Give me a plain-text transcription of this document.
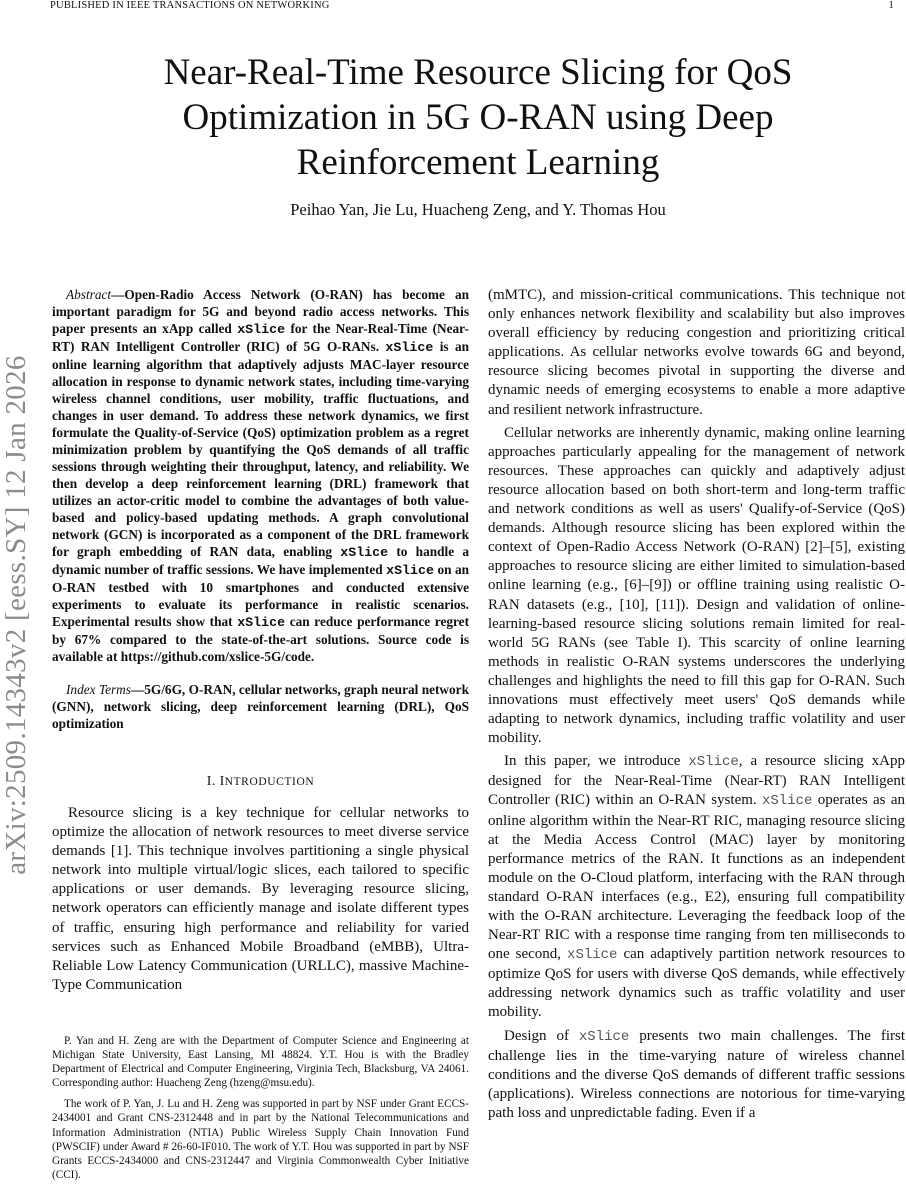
PUBLISHED IN IEEE TRANSACTIONS ON NETWORKING	1
arXiv:2509.14343v2 [eess.SY] 12 Jan 2026
Near-Real-Time Resource Slicing for QoS Optimization in 5G O-RAN using Deep Reinforcement Learning
Peihao Yan, Jie Lu, Huacheng Zeng, and Y. Thomas Hou

Abstract—Open-Radio Access Network (O-RAN) has become an important paradigm for 5G and beyond radio access networks. This paper presents an xApp called xSlice for the Near-Real-Time (Near-RT) RAN Intelligent Controller (RIC) of 5G O-RANs. xSlice is an online learning algorithm that adaptively adjusts MAC-layer resource allocation in response to dynamic network states, including time-varying wireless channel conditions, user mobility, traffic fluctuations, and changes in user demand. To address these network dynamics, we first formulate the Quality-of-Service (QoS) optimization problem as a regret minimization problem by quantifying the QoS demands of all traffic sessions through weighting their throughput, latency, and reliability. We then develop a deep reinforcement learning (DRL) framework that utilizes an actor-critic model to combine the advantages of both value-based and policy-based updating methods. A graph convolutional network (GCN) is incorporated as a component of the DRL framework for graph embedding of RAN data, enabling xSlice to handle a dynamic number of traffic sessions. We have implemented xSlice on an O-RAN testbed with 10 smartphones and conducted extensive experiments to evaluate its performance in realistic scenarios. Experimental results show that xSlice can reduce performance regret by 67% compared to the state-of-the-art solutions. Source code is available at https://github.com/xslice-5G/code.

Index Terms—5G/6G, O-RAN, cellular networks, graph neural network (GNN), network slicing, deep reinforcement learning (DRL), QoS optimization

I. INTRODUCTION

Resource slicing is a key technique for cellular networks to optimize the allocation of network resources to meet diverse service demands [1]. This technique involves partitioning a single physical network into multiple virtual/logic slices, each tailored to specific applications or user demands. By leveraging resource slicing, network operators can efficiently manage and isolate different types of traffic, ensuring high performance and reliability for varied services such as Enhanced Mobile Broadband (eMBB), Ultra-Reliable Low Latency Communication (URLLC), massive Machine-Type Communication

P. Yan and H. Zeng are with the Department of Computer Science and Engineering at Michigan State University, East Lansing, MI 48824. Y.T. Hou is with the Bradley Department of Electrical and Computer Engineering, Virginia Tech, Blacksburg, VA 24061. Corresponding author: Huacheng Zeng (hzeng@msu.edu).

The work of P. Yan, J. Lu and H. Zeng was supported in part by NSF under Grant ECCS-2434001 and Grant CNS-2312448 and in part by the National Telecommunications and Information Administration (NTIA) Public Wireless Supply Chain Innovation Fund (PWSCIF) under Award # 26-60-IF010. The work of Y.T. Hou was supported in part by NSF Grants ECCS-2434000 and CNS-2312447 and Virginia Commonwealth Cyber Initiative (CCI).

(mMTC), and mission-critical communications. This technique not only enhances network flexibility and scalability but also improves overall efficiency by reducing congestion and prioritizing critical applications. As cellular networks evolve towards 6G and beyond, resource slicing becomes pivotal in supporting the diverse and dynamic needs of emerging ecosystems to enable a more adaptive and resilient network infrastructure.

Cellular networks are inherently dynamic, making online learning approaches particularly appealing for the management of network resources. These approaches can quickly and adaptively adjust resource allocation based on both short-term and long-term traffic and network conditions as well as users' Qualify-of-Service (QoS) demands. Although resource slicing has been explored within the context of Open-Radio Access Network (O-RAN) [2]–[5], existing approaches to resource slicing are either limited to simulation-based online learning (e.g., [6]–[9]) or offline training using realistic O-RAN datasets (e.g., [10], [11]). Design and validation of online-learning-based resource slicing solutions remain limited for real-world 5G RANs (see Table I). This scarcity of online learning methods in realistic O-RAN systems underscores the underlying challenges and highlights the need to fill this gap for O-RAN. Such innovations must effectively meet users' QoS demands while adapting to network dynamics, including traffic volatility and user mobility.

In this paper, we introduce xSlice, a resource slicing xApp designed for the Near-Real-Time (Near-RT) RAN Intelligent Controller (RIC) within an O-RAN system. xSlice operates as an online algorithm within the Near-RT RIC, managing resource slicing at the Media Access Control (MAC) layer by monitoring performance metrics of the RAN. It functions as an independent module on the O-Cloud platform, interfacing with the RAN through standard O-RAN interfaces (e.g., E2), ensuring full compatibility with the O-RAN architecture. Leveraging the feedback loop of the Near-RT RIC with a response time ranging from ten milliseconds to one second, xSlice can adaptively partition network resources to optimize QoS for users with diverse QoS demands, while effectively addressing network dynamics such as traffic volatility and user mobility.

Design of xSlice presents two main challenges. The first challenge lies in the time-varying nature of wireless channel conditions and the diverse QoS demands of different traffic sessions (applications). Wireless connections are notorious for time-varying path loss and unpredictable fading. Even if a
